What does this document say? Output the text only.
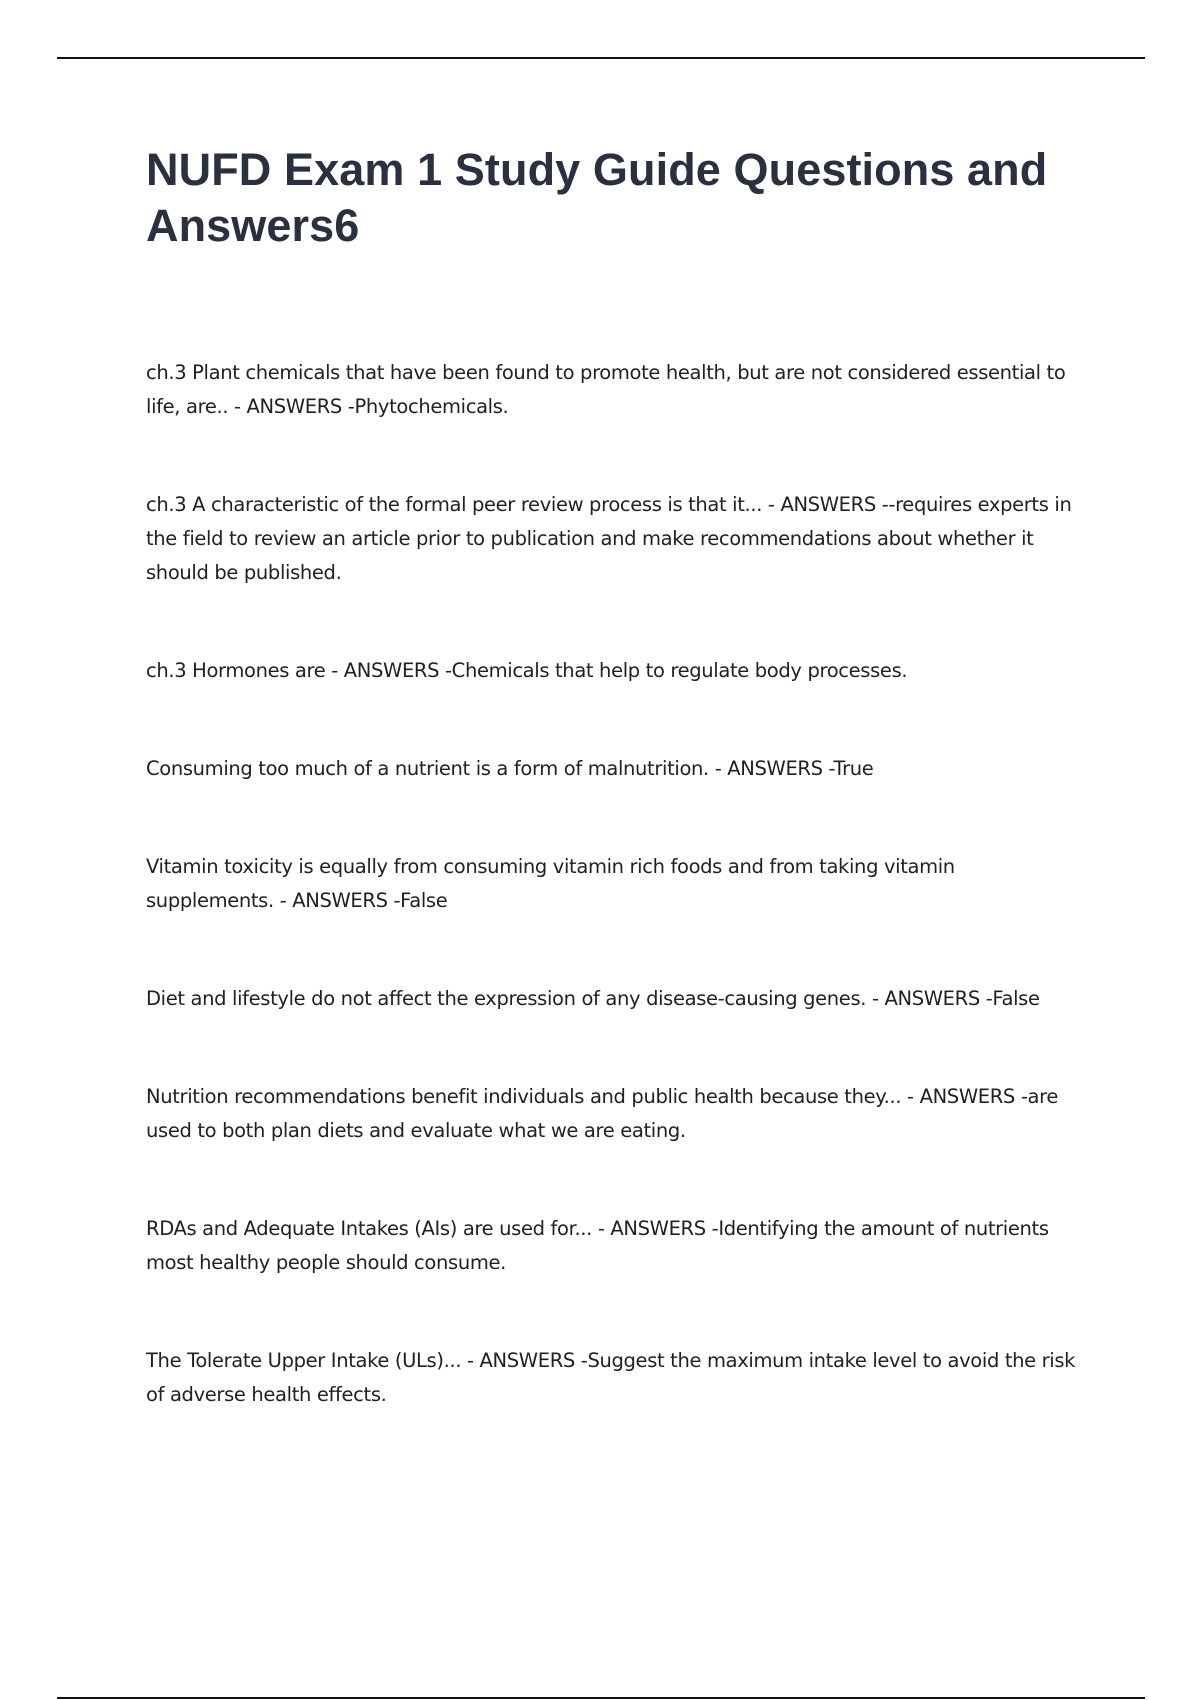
NUFD Exam 1 Study Guide Questions and Answers6

ch.3 Plant chemicals that have been found to promote health, but are not considered essential to life, are.. - ANSWERS -Phytochemicals.

ch.3 A characteristic of the formal peer review process is that it... - ANSWERS --requires experts in the field to review an article prior to publication and make recommendations about whether it should be published.

ch.3 Hormones are - ANSWERS -Chemicals that help to regulate body processes.

Consuming too much of a nutrient is a form of malnutrition. - ANSWERS -True

Vitamin toxicity is equally from consuming vitamin rich foods and from taking vitamin supplements. - ANSWERS -False

Diet and lifestyle do not affect the expression of any disease-causing genes. - ANSWERS -False

Nutrition recommendations benefit individuals and public health because they... - ANSWERS -are used to both plan diets and evaluate what we are eating.

RDAs and Adequate Intakes (AIs) are used for... - ANSWERS -Identifying the amount of nutrients most healthy people should consume.

The Tolerate Upper Intake (ULs)... - ANSWERS -Suggest the maximum intake level to avoid the risk of adverse health effects.
